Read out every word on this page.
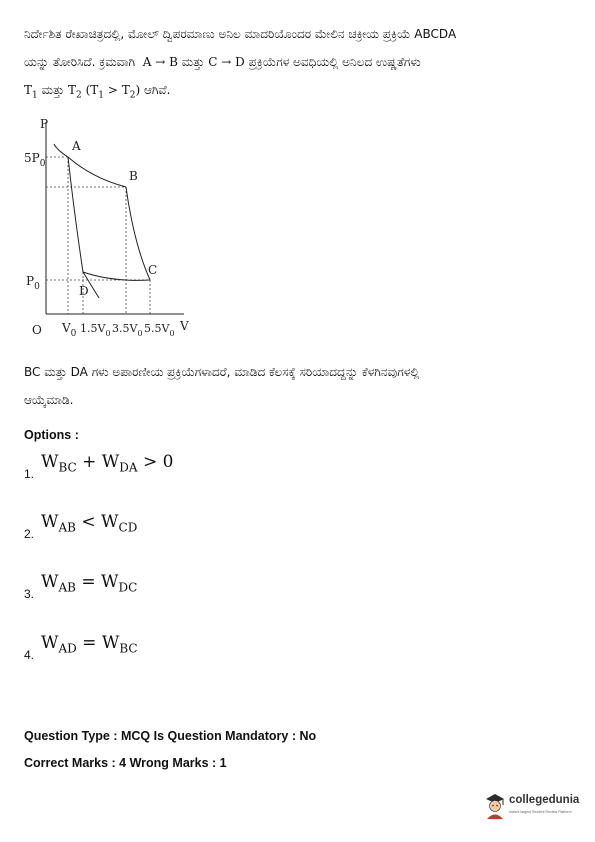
ನಿರ್ದೇಶಿತ ರೇಖಾಚಿತ್ರದಲ್ಲಿ, ಮೋಲ್ ದ್ವಿಪರಮಾಣು ಅನಿಲ ಮಾದರಿಯೊಂದರ ಮೇಲಿನ ಚಕ್ರೀಯ ಪ್ರಕ್ರಿಯೆ ABCDA
ಯನ್ನು ತೋರಿಸಿದೆ. ಕ್ರಮವಾಗಿ A → B ಮತ್ತು C → D ಪ್ರಕ್ರಿಯೆಗಳ ಅವಧಿಯಲ್ಲಿ ಅನಿಲದ ಉಷ್ಣತೆಗಳು
$T_1$ ಮತ್ತು $T_2$ $(T_1 > T_2)$ ಆಗಿವೆ.
P
V
O
$5P_0$
$P_0$
A
B
C
D
$V_0$ $1.5V_0$ $3.5V_0$ $5.5V_0$
BC ಮತ್ತು DA ಗಳು ಅಪಾರಣೀಯ ಪ್ರಕ್ರಿಯೆಗಳಾದರೆ, ಮಾಡಿದ ಕೆಲಸಕ್ಕೆ ಸರಿಯಾದದ್ದನ್ನು ಕೆಳಗಿನವುಗಳಲ್ಲಿ
ಆಯ್ಕೆಮಾಡಿ.
Options :
1.
$W_{BC} + W_{DA} > 0$
2.
$W_{AB} < W_{CD}$
3.
$W_{AB} = W_{DC}$
4.
$W_{AD} = W_{BC}$
Question Type : MCQ Is Question Mandatory : No
Correct Marks : 4 Wrong Marks : 1
collegedunia
India's largest Student Review Platform
